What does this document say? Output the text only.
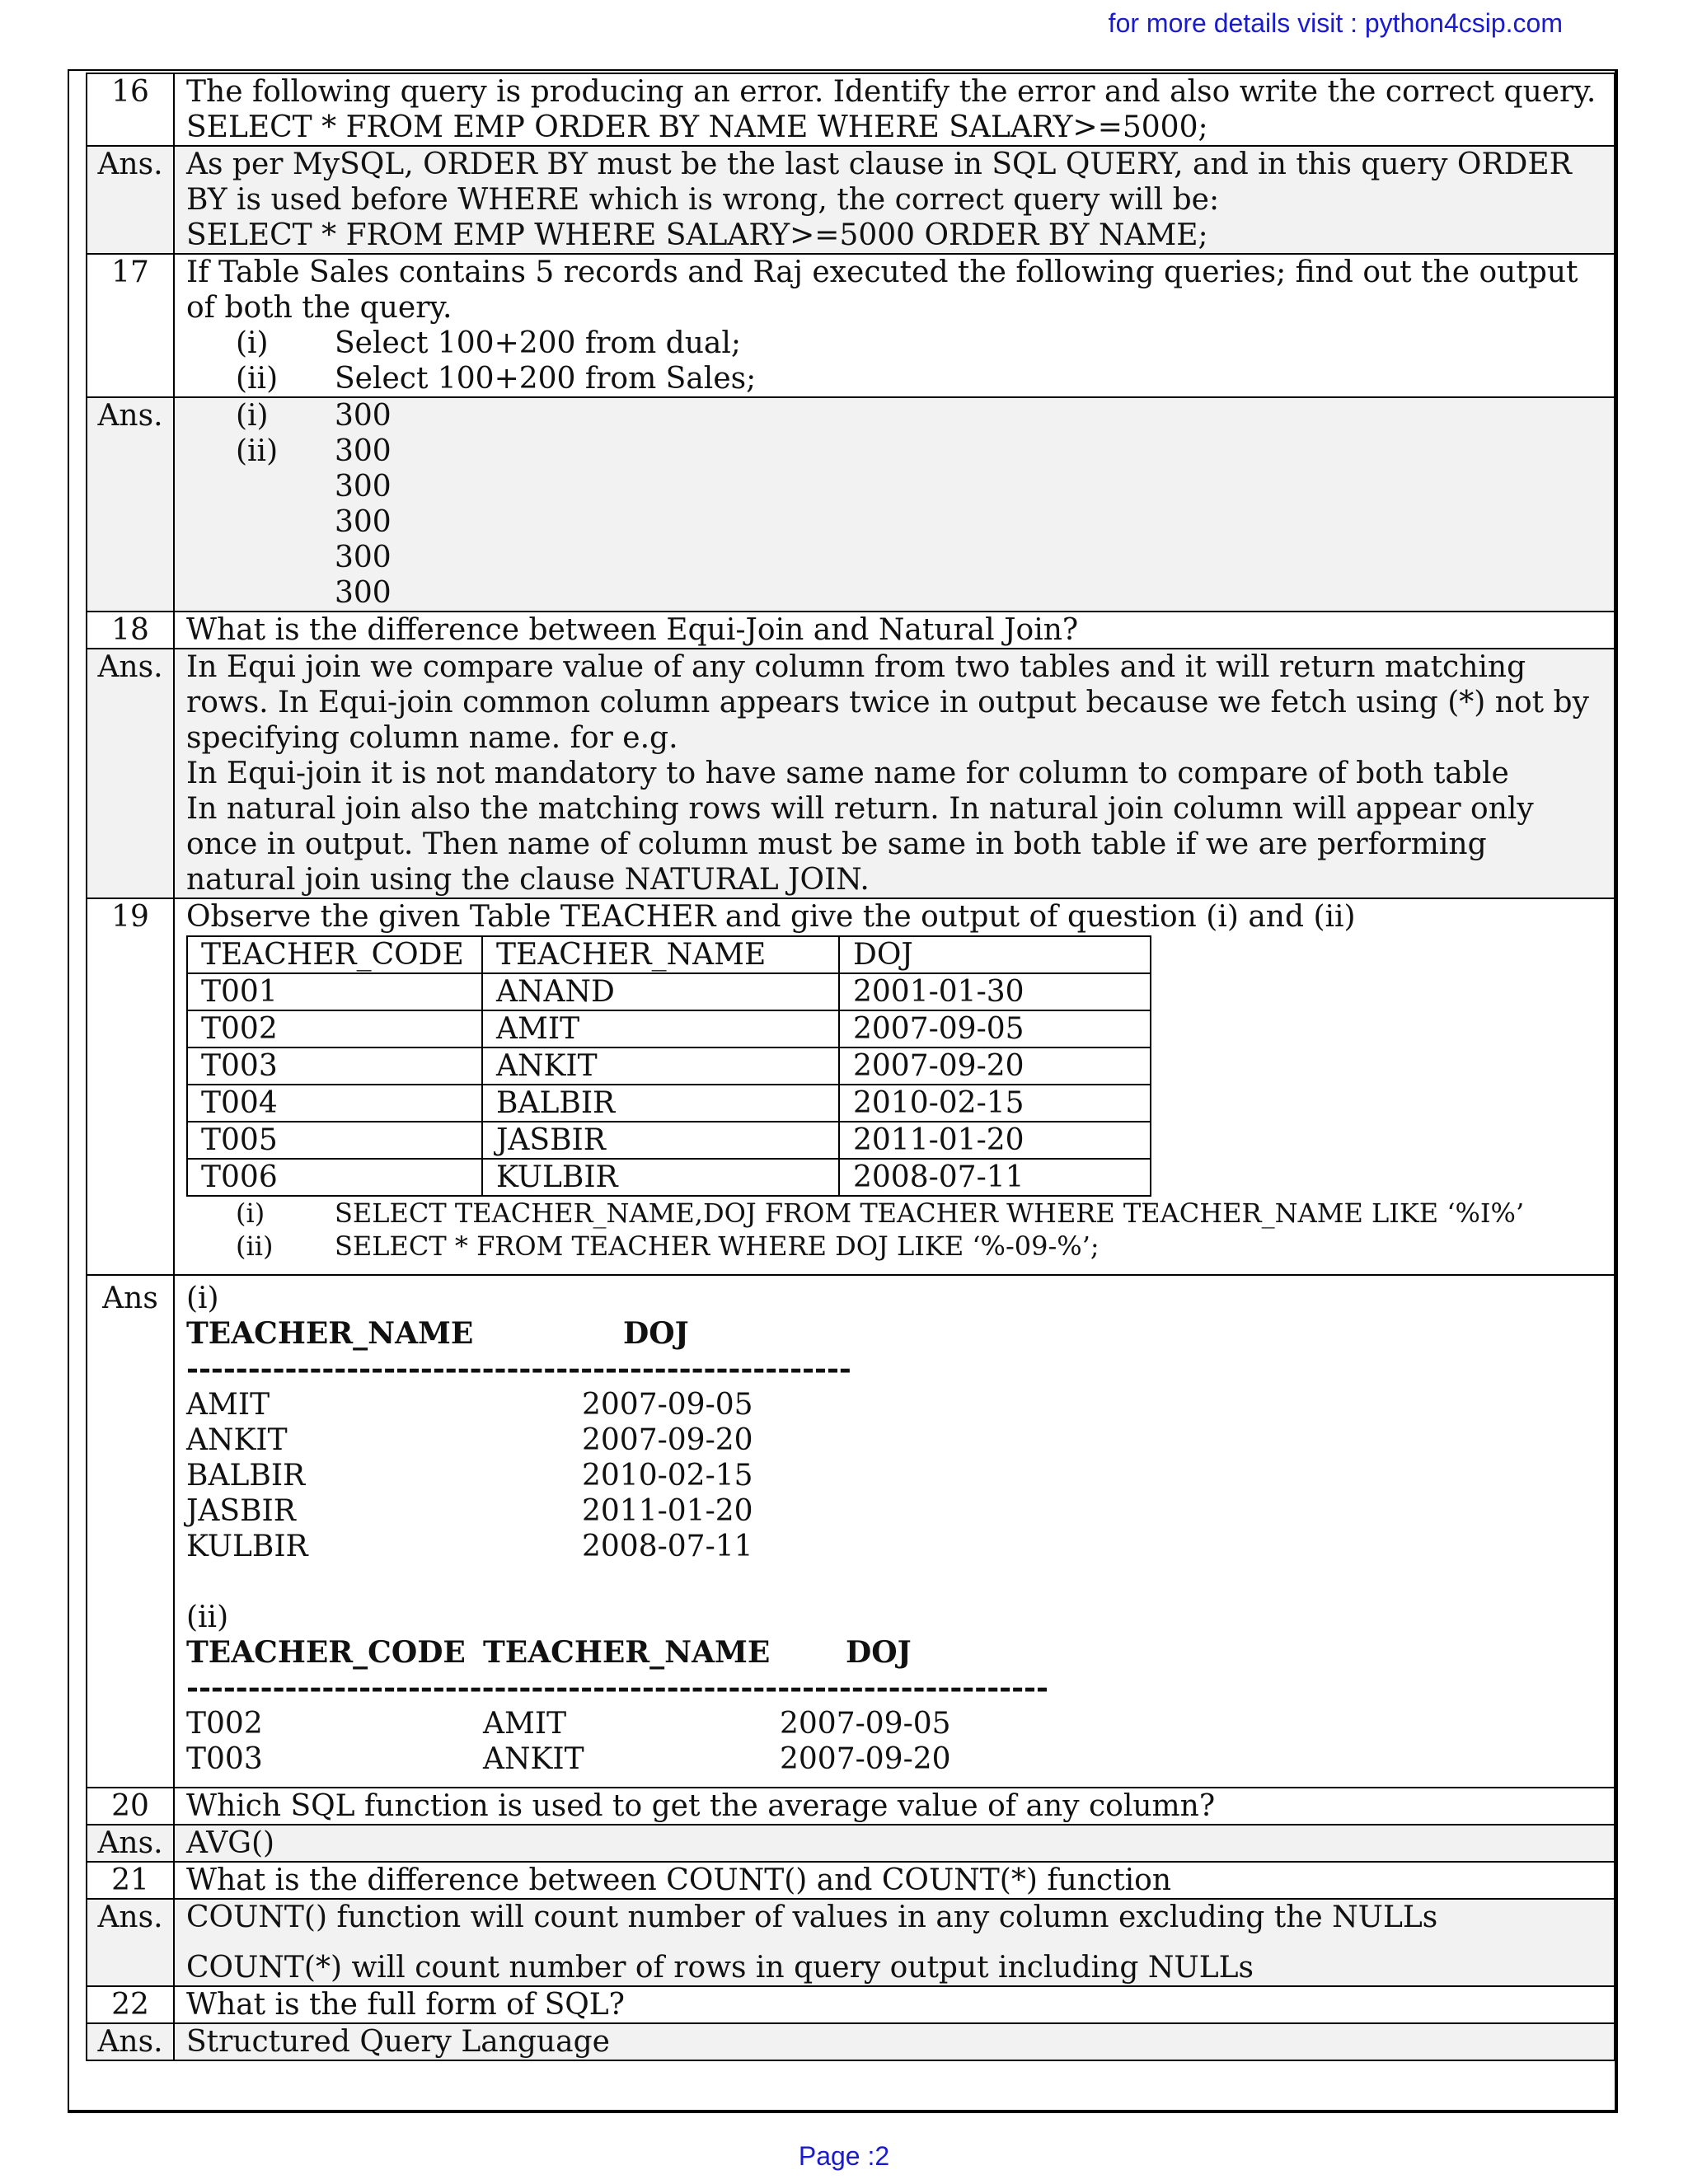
for more details visit : python4csip.com
16	The following query is producing an error. Identify the error and also write the correct query.
SELECT * FROM EMP ORDER BY NAME WHERE SALARY>=5000;

Ans.	As per MySQL, ORDER BY must be the last clause in SQL QUERY, and in this query ORDER
BY is used before WHERE which is wrong, the correct query will be:
SELECT * FROM EMP WHERE SALARY>=5000 ORDER BY NAME;

17	If Table Sales contains 5 records and Raj executed the following queries; find out the output
of both the query.
(i)	Select 100+200 from dual;
(ii)	Select 100+200 from Sales;

Ans.	(i)	300
(ii)	300
300
300
300
300

18	What is the difference between Equi-Join and Natural Join?

Ans.	In Equi join we compare value of any column from two tables and it will return matching
rows. In Equi-join common column appears twice in output because we fetch using (*) not by
specifying column name. for e.g.
In Equi-join it is not mandatory to have same name for column to compare of both table
In natural join also the matching rows will return. In natural join column will appear only
once in output. Then name of column must be same in both table if we are performing
natural join using the clause NATURAL JOIN.

19	Observe the given Table TEACHER and give the output of question (i) and (ii)
TEACHER_CODE	TEACHER_NAME	DOJ
T001	ANAND	2001-01-30
T002	AMIT	2007-09-05
T003	ANKIT	2007-09-20
T004	BALBIR	2010-02-15
T005	JASBIR	2011-01-20
T006	KULBIR	2008-07-11
(i)	SELECT TEACHER_NAME,DOJ FROM TEACHER WHERE TEACHER_NAME LIKE ‘%I%’
(ii)	SELECT * FROM TEACHER WHERE DOJ LIKE ‘%-09-%’;

Ans	(i)
TEACHER_NAME	DOJ
------------------------------------------------------
AMIT	2007-09-05
ANKIT	2007-09-20
BALBIR	2010-02-15
JASBIR	2011-01-20
KULBIR	2008-07-11
(ii)
TEACHER_CODE TEACHER_NAME	DOJ
----------------------------------------------------------------------
T002	AMIT	2007-09-05
T003	ANKIT	2007-09-20

20	Which SQL function is used to get the average value of any column?

Ans.	AVG()

21	What is the difference between COUNT() and COUNT(*) function

Ans.	COUNT() function will count number of values in any column excluding the NULLs
COUNT(*) will count number of rows in query output including NULLs

22	What is the full form of SQL?

Ans.	Structured Query Language
Page :2
